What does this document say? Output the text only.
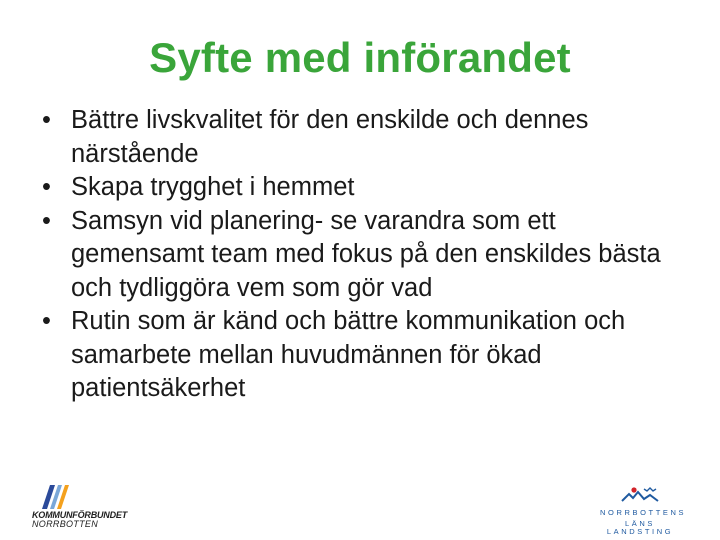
Syfte med införandet
• Bättre livskvalitet för den enskilde och dennes närstående
• Skapa trygghet i hemmet
• Samsyn vid planering- se varandra som ett gemensamt team med fokus på den enskildes bästa och tydliggöra vem som gör vad
• Rutin som är känd och bättre kommunikation och samarbete mellan huvudmännen för ökad patientsäkerhet
KOMMUNFÖRBUNDET
NORRBOTTEN
NORRBOTTENS
LÄNS LANDSTING
